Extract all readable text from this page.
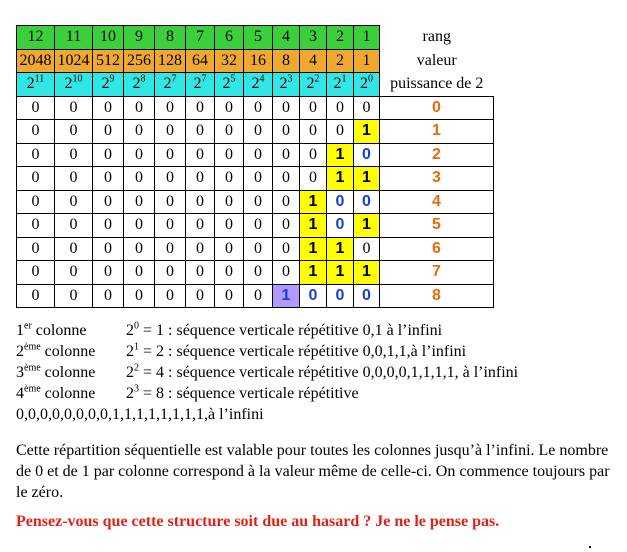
12	11	10	9	8	7	6	5	4	3	2	1	rang
2048	1024	512	256	128	64	32	16	8	4	2	1	valeur
$2^{11}$	$2^{10}$	$2^9$	$2^8$	$2^7$	$2^7$	$2^5$	$2^4$	$2^3$	$2^2$	$2^1$	$2^0$	puissance de 2
0	0	0	0	0	0	0	0	0	0	0	0	0
0	0	0	0	0	0	0	0	0	0	0	1	1
0	0	0	0	0	0	0	0	0	0	1	0	2
0	0	0	0	0	0	0	0	0	0	1	1	3
0	0	0	0	0	0	0	0	0	1	0	0	4
0	0	0	0	0	0	0	0	0	1	0	1	5
0	0	0	0	0	0	0	0	0	1	1	0	6
0	0	0	0	0	0	0	0	0	1	1	1	7
0	0	0	0	0	0	0	0	1	0	0	0	8
1er colonne $2^0 = 1$ : séquence verticale répétitive 0,1 à l’infini
2ème colonne $2^1 = 2$ : séquence verticale répétitive 0,0,1,1,à l’infini
3ème colonne $2^2 = 4$ : séquence verticale répétitive 0,0,0,0,1,1,1,1, à l’infini
4ème colonne $2^3 = 8$ : séquence verticale répétitive
0,0,0,0,0,0,0,0,1,1,1,1,1,1,1,1,à l’infini
Cette répartition séquentielle est valable pour toutes les colonnes jusqu’à l’infini. Le nombre de 0 et de 1 par colonne correspond à la valeur même de celle-ci. On commence toujours par le zéro.
Pensez-vous que cette structure soit due au hasard ? Je ne le pense pas.
